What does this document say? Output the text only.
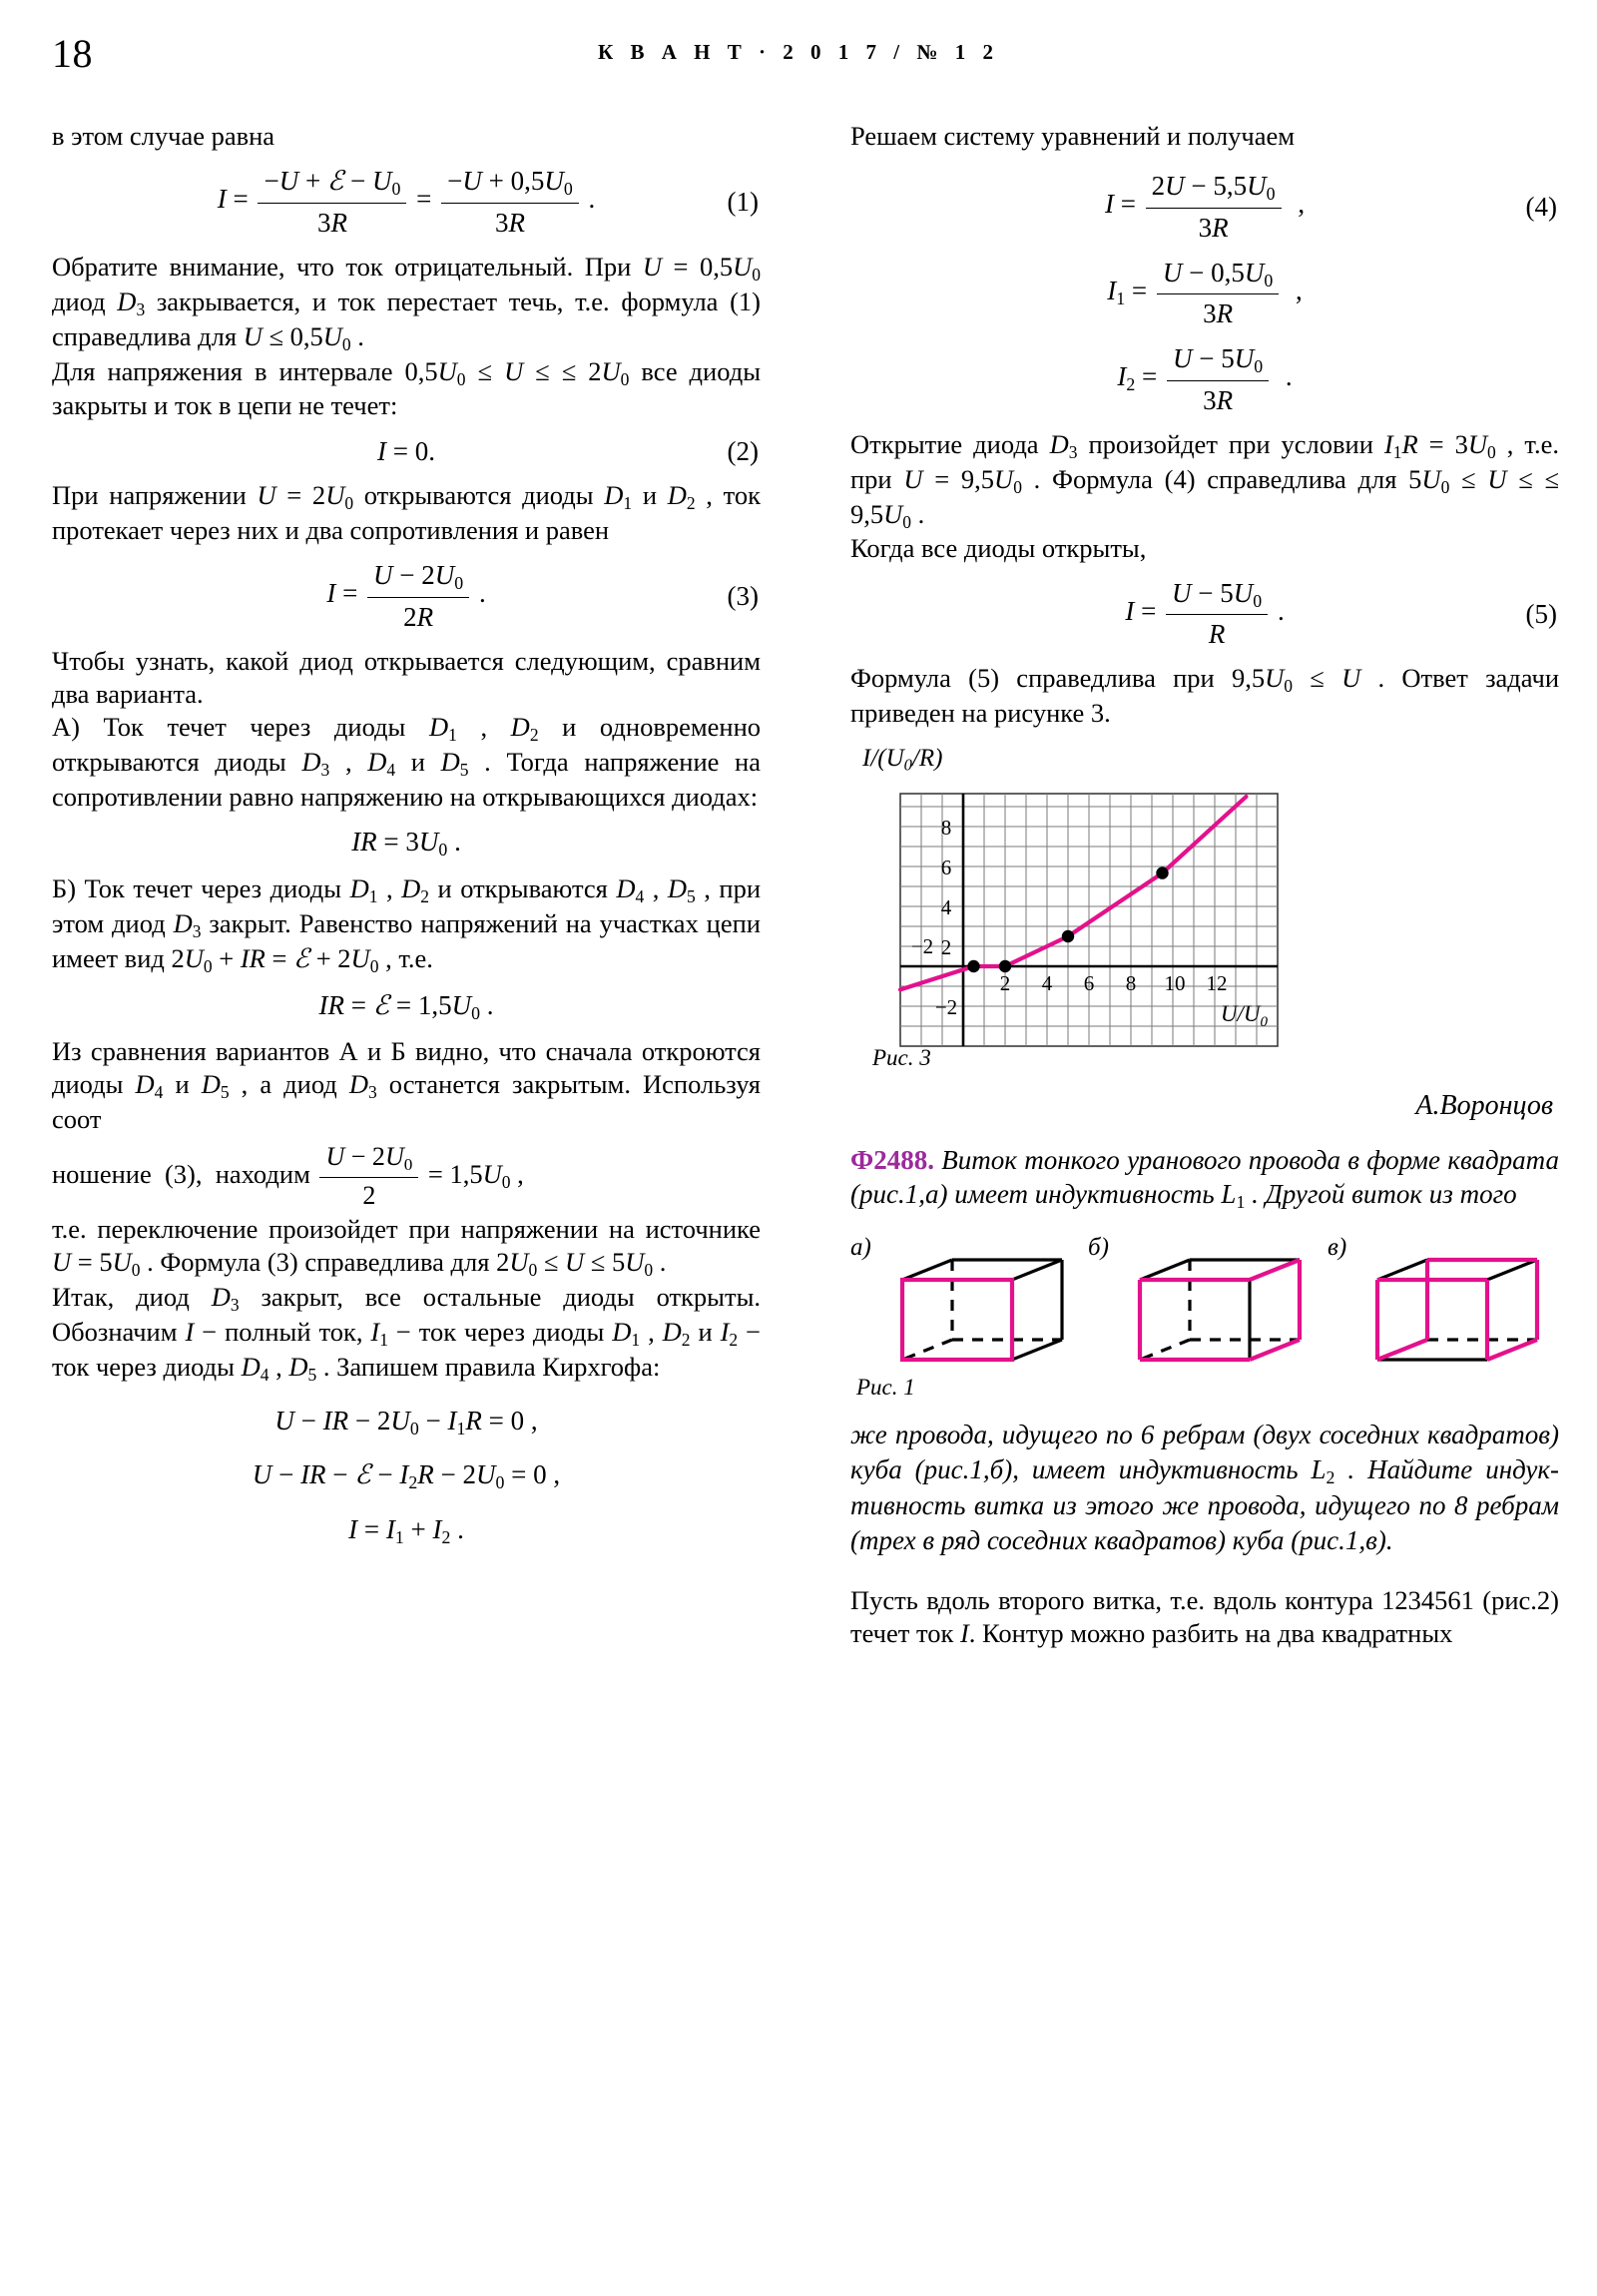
18	К В А Н Т · 2 0 1 7 / № 1 2

в этом случае равна

$I = \frac{-U + ℰ - U_0}{3R} = \frac{-U + 0,5U_0}{3R}$ .	(1)

Обратите внимание, что ток отрицательный. При $U = 0,5U_0$ диод $D_3$ закрывается, и ток перестает течь, т.е. формула (1) справедлива для $U \le 0,5U_0$ .

Для напряжения в интервале $0,5U_0 \le U$ ≤ ≤ $2U_0$ все диоды закрыты и ток в цепи не течет:

I = 0.	(2)

При напряжении $U = 2U_0$ открываются диоды $D_1$ и $D_2$ , ток протекает через них и два сопротивления и равен

$I = \frac{U - 2U_0}{2R}$ .	(3)

Чтобы узнать, какой диод открывается следующим, сравним два варианта.

А) Ток течет через диоды $D_1$ , $D_2$ и одновременно открываются диоды $D_3$ , $D_4$ и $D_5$ . Тогда напряжение на сопротивлении равно напряжению на открывающихся диодах:

IR = $3U_0$ .

Б) Ток течет через диоды $D_1$ , $D_2$ и открываются $D_4$ , $D_5$ , при этом диод $D_3$ закрыт. Равенство напряжений на участках цепи имеет вид $2U_0$ + IR = ℰ + $2U_0$ , т.е.

IR = ℰ = $1,5U_0$ .

Из сравнения вариантов А и Б видно, что сначала откроются диоды $D_4$ и $D_5$ , а диод $D_3$ останется закрытым. Используя соот

ношение  (3),  находим $\frac{U - 2U_0}{2} = 1,5U_0$ ,

т.е. переключение произойдет при напряжении на источнике $U = 5U_0$ . Формула (3) справедлива для $2U_0 \le U \le 5U_0$ .

Итак, диод $D_3$ закрыт, все остальные диоды открыты. Обозначим I − полный ток, $I_1$ − ток через диоды $D_1$ , $D_2$ и $I_2$ − ток через диоды $D_4$ , $D_5$ . Запишем правила Кирхгофа:

U − IR − $2U_0 - I_1R = 0$ ,
U − IR − ℰ − $I_2R - 2U_0 = 0$ ,
$I = I_1 + I_2$ .

Решаем систему уравнений и получаем

$I = \frac{2U - 5,5U_0}{3R}$ ,	(4)
$I_1 = \frac{U - 0,5U_0}{3R}$ ,
$I_2 = \frac{U - 5U_0}{3R}$ .

Открытие диода $D_3$ произойдет при условии $I_1R = 3U_0$ , т.е. при $U = 9,5U_0$ . Формула (4) справедлива для $5U_0 \le U$ ≤ ≤ $9,5U_0$ .

Когда все диоды открыты,

$I = \frac{U - 5U_0}{R}$ .	(5)

Формула (5) справедлива при $9,5U_0 \le U$ . Ответ задачи приведен на рисунке 3.

I/(U0/R)
8
6
4
2
−2
−2
2 4 6 8 10 12
$U/U_0$
Рис. 3
А.Воронцов
Ф2488. Виток тонкого уранового провода в форме квадрата (рис.1,а) имеет индуктивность $L_1$ . Другой виток из того
а)	б)	в)
Рис. 1
же провода, идущего по 6 ребрам (двух соседних квадратов) куба (рис.1,б), имеет индуктивность $L_2$ . Найдите индуктивность витка из этого же провода, идущего по 8 ребрам (трех в ряд соседних квадратов) куба (рис.1,в).
Пусть вдоль второго витка, т.е. вдоль контура 1234561 (рис.2) течет ток I. Контур можно разбить на два квадратных
